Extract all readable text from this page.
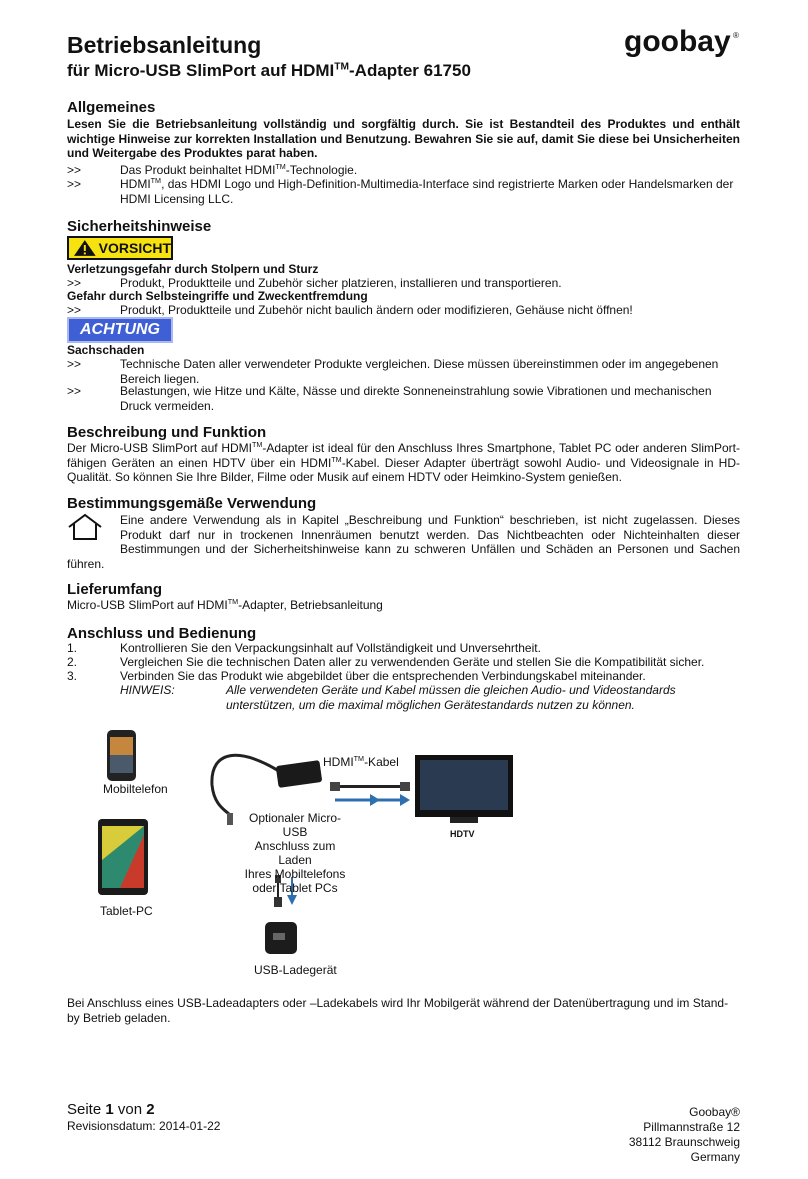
Betriebsanleitung
für Micro-USB SlimPort auf HDMI™-Adapter 61750
goobay ®
Allgemeines
Lesen Sie die Betriebsanleitung vollständig und sorgfältig durch. Sie ist Bestandteil des Produktes und enthält wichtige Hinweise zur korrekten Installation und Benutzung. Bewahren Sie sie auf, damit Sie diese bei Unsicherheiten und Weitergabe des Produktes parat haben.
>>	Das Produkt beinhaltet HDMI™-Technologie.
>>	HDMI™, das HDMI Logo und High-Definition-Multimedia-Interface sind registrierte Marken oder Handelsmarken der HDMI Licensing LLC.
Sicherheitshinweise
VORSICHT
Verletzungsgefahr durch Stolpern und Sturz
>>	Produkt, Produktteile und Zubehör sicher platzieren, installieren und transportieren.
Gefahr durch Selbsteingriffe und Zweckentfremdung
>>	Produkt, Produktteile und Zubehör nicht baulich ändern oder modifizieren, Gehäuse nicht öffnen!
ACHTUNG
Sachschaden
>>	Technische Daten aller verwendeter Produkte vergleichen. Diese müssen übereinstimmen oder im angegebenen Bereich liegen.
>>	Belastungen, wie Hitze und Kälte, Nässe und direkte Sonneneinstrahlung sowie Vibrationen und mechanischen Druck vermeiden.
Beschreibung und Funktion
Der Micro-USB SlimPort auf HDMI™-Adapter ist ideal für den Anschluss Ihres Smartphone, Tablet PC oder anderen SlimPort-fähigen Geräten an einen HDTV über ein HDMI™-Kabel. Dieser Adapter überträgt sowohl Audio- und Videosignale in HD-Qualität. So können Sie Ihre Bilder, Filme oder Musik auf einem HDTV oder Heimkino-System genießen.
Bestimmungsgemäße Verwendung
Eine andere Verwendung als in Kapitel „Beschreibung und Funktion“ beschrieben, ist nicht zugelassen. Dieses Produkt darf nur in trockenen Innenräumen benutzt werden. Das Nichtbeachten oder Nichteinhalten dieser Bestimmungen und der Sicherheitshinweise kann zu schweren Unfällen und Schäden an Personen und Sachen führen.
Lieferumfang
Micro-USB SlimPort auf HDMI™-Adapter, Betriebsanleitung
Anschluss und Bedienung
1.	Kontrollieren Sie den Verpackungsinhalt auf Vollständigkeit und Unversehrtheit.
2.	Vergleichen Sie die technischen Daten aller zu verwendenden Geräte und stellen Sie die Kompatibilität sicher.
3.	Verbinden Sie das Produkt wie abgebildet über die entsprechenden Verbindungskabel miteinander.
HINWEIS:	Alle verwendeten Geräte und Kabel müssen die gleichen Audio- und Videostandards unterstützen, um die maximal möglichen Gerätestandards nutzen zu können.
Mobiltelefon
Tablet-PC
HDMI™-Kabel
Optionaler Micro-USB
Anschluss zum Laden
Ihres Mobiltelefons
oder Tablet PCs
HDTV
USB-Ladegerät
Bei Anschluss eines USB-Ladeadapters oder –Ladekabels wird Ihr Mobilgerät während der Datenübertragung und im Stand-by Betrieb geladen.
Seite 1 von 2
Revisionsdatum: 2014-01-22
Goobay®
Pillmannstraße 12
38112 Braunschweig
Germany
